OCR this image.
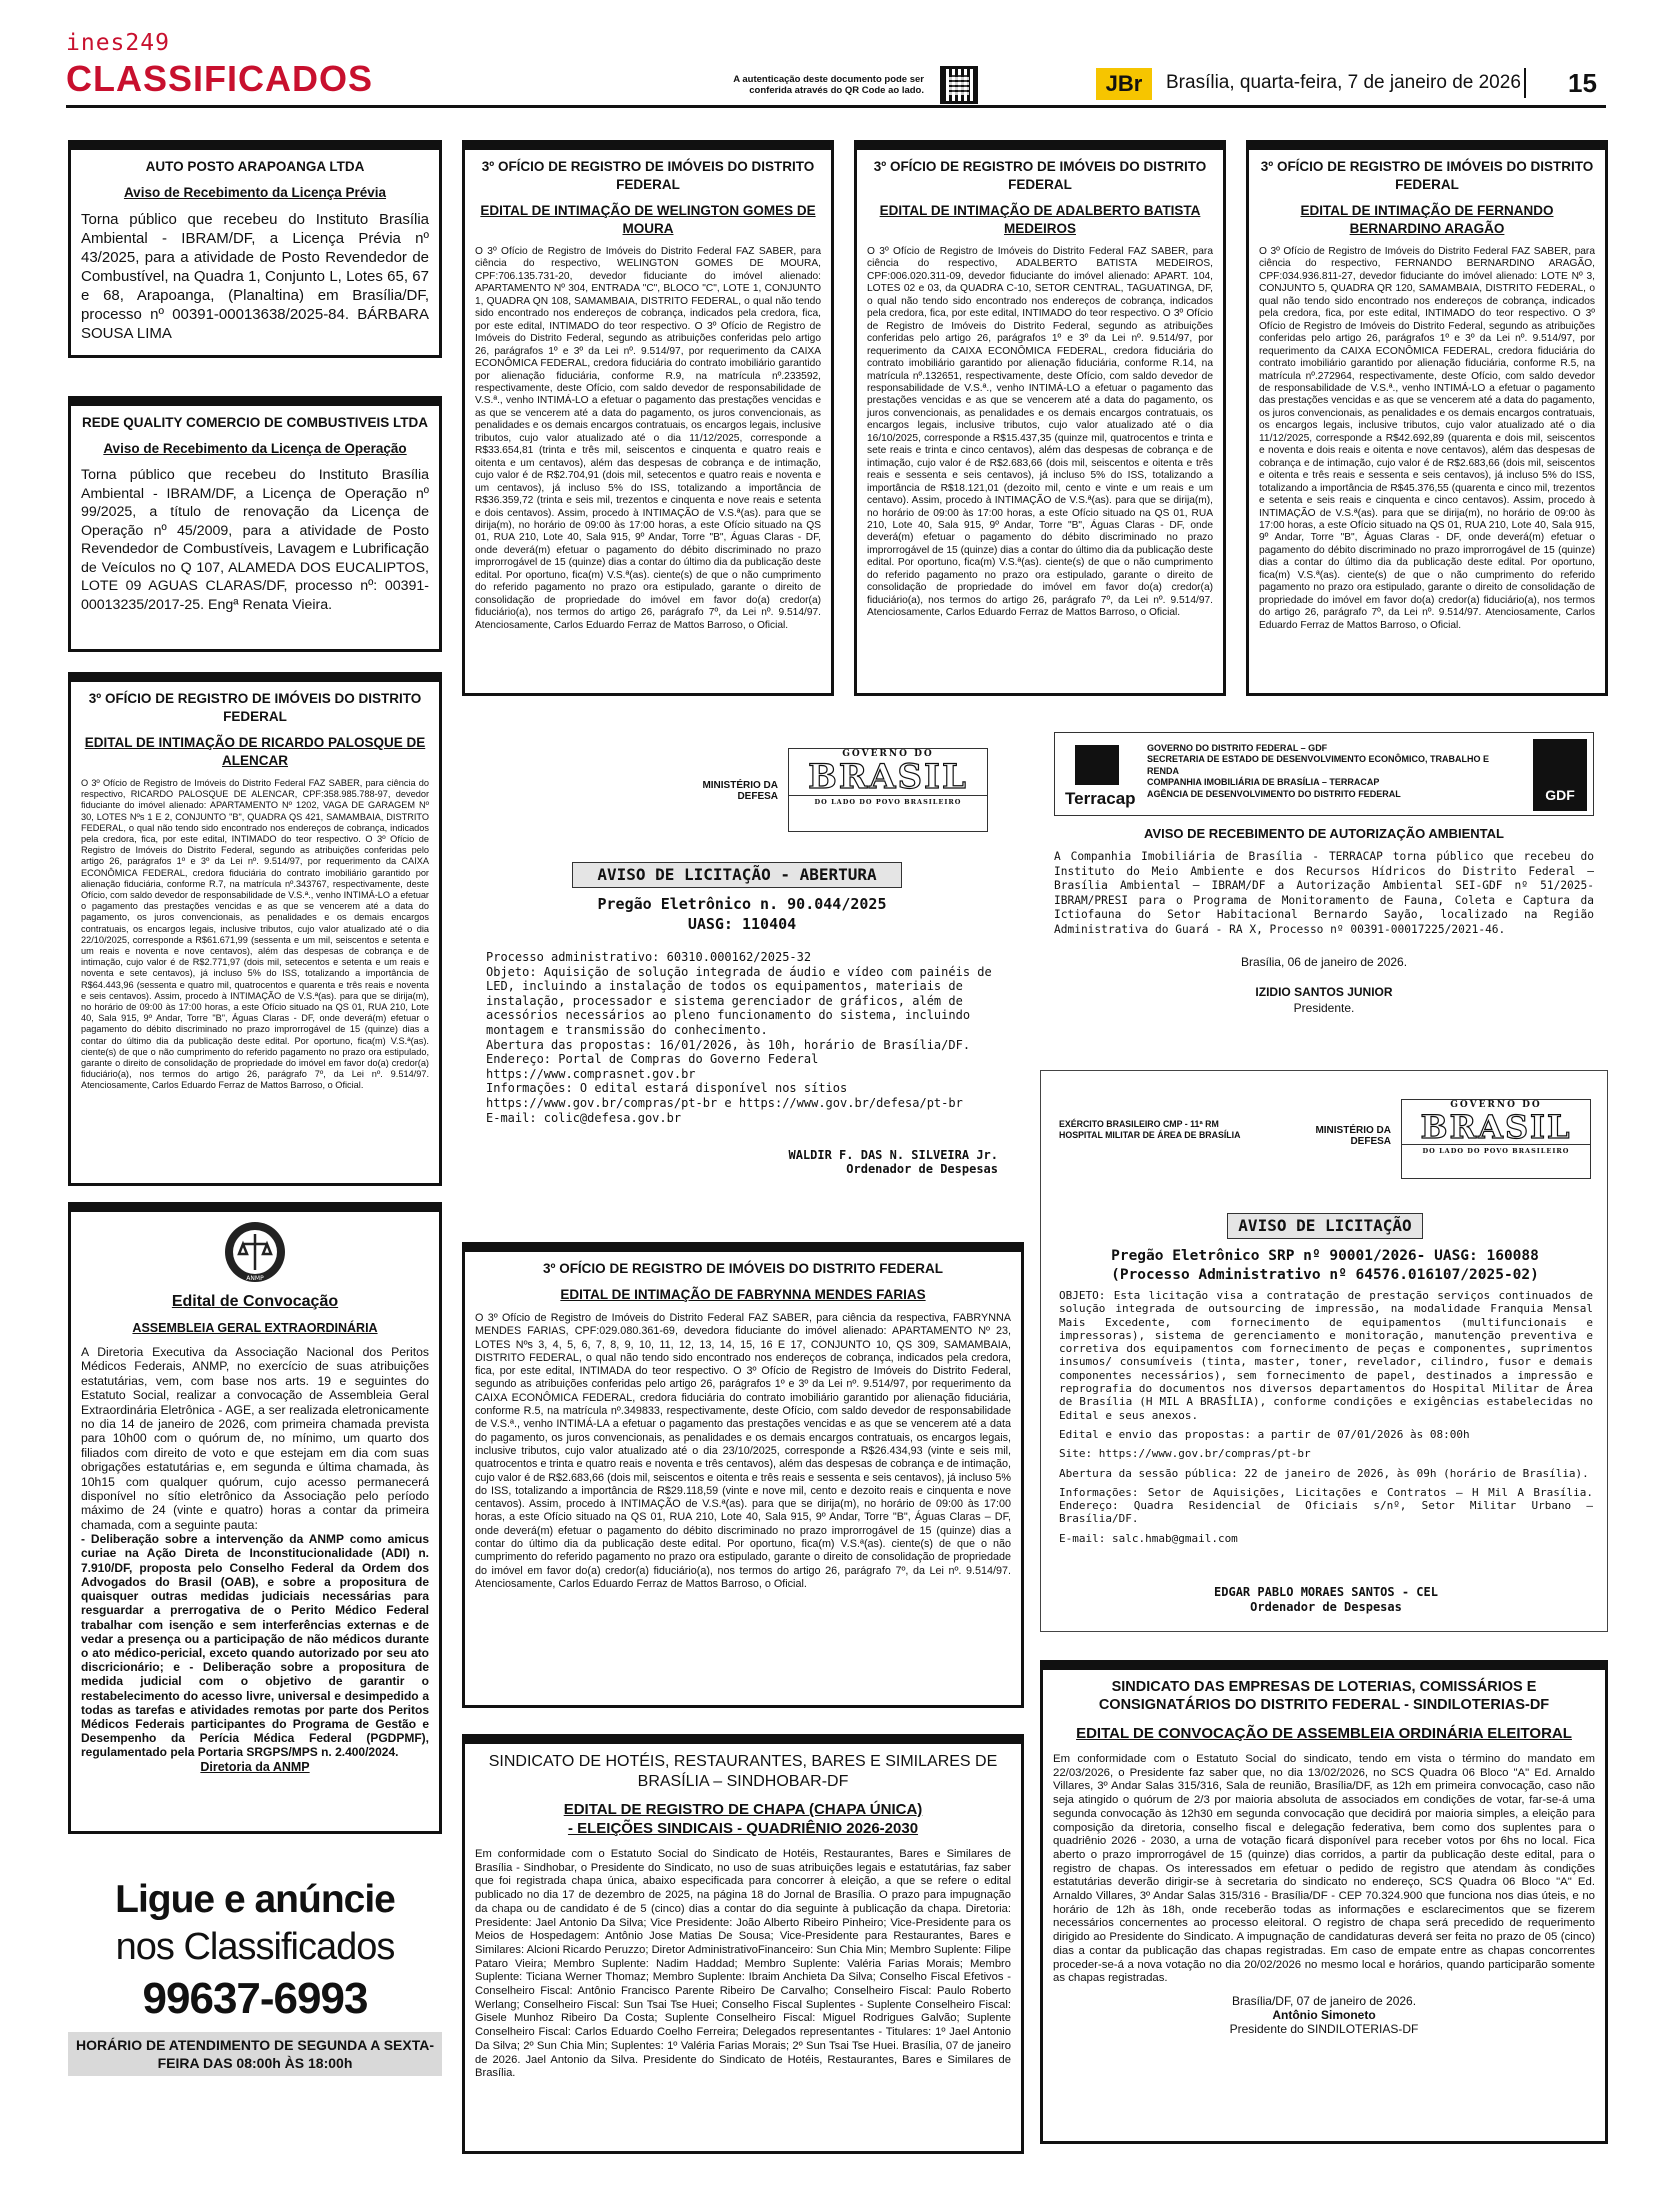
ines249
CLASSIFICADOS	A autenticação deste documento pode ser conferida através do QR Code ao lado.	JBr	Brasília, quarta-feira, 7 de janeiro de 2026 15
AUTO POSTO ARAPOANGA LTDA
Aviso de Recebimento da Licença Prévia
Torna público que recebeu do Instituto Brasília Ambiental - IBRAM/DF, a Licença Prévia nº 43/2025, para a atividade de Posto Revendedor de Combustível, na Quadra 1, Conjunto L, Lotes 65, 67 e 68, Arapoanga, (Planaltina) em Brasília/DF, processo nº 00391-00013638/2025-84. BÁRBARA SOUSA LIMA
REDE QUALITY COMERCIO DE COMBUSTIVEIS LTDA
Aviso de Recebimento da Licença de Operação
Torna público que recebeu do Instituto Brasília Ambiental - IBRAM/DF, a Licença de Operação nº 99/2025, a título de renovação da Licença de Operação nº 45/2009, para a atividade de Posto Revendedor de Combustíveis, Lavagem e Lubrificação de Veículos no Q 107, ALAMEDA DOS EUCALIPTOS, LOTE 09 AGUAS CLARAS/DF, processo nº: 00391-00013235/2017-25. Engª Renata Vieira.
3º OFÍCIO DE REGISTRO DE IMÓVEIS DO DISTRITO FEDERAL
EDITAL DE INTIMAÇÃO DE RICARDO PALOSQUE DE ALENCAR
O 3º Ofício de Registro de Imóveis do Distrito Federal FAZ SABER, para ciência do respectivo, RICARDO PALOSQUE DE ALENCAR, CPF:358.985.788-97, devedor fiduciante do imóvel alienado: APARTAMENTO Nº 1202, VAGA DE GARAGEM Nº 30, LOTES Nºs 1 E 2, CONJUNTO "B", QUADRA QS 421, SAMAMBAIA, DISTRITO FEDERAL, o qual não tendo sido encontrado nos endereços de cobrança, indicados pela credora, fica, por este edital, INTIMADO do teor respectivo. O 3º Ofício de Registro de Imóveis do Distrito Federal, segundo as atribuições conferidas pelo artigo 26, parágrafos 1º e 3º da Lei nº. 9.514/97, por requerimento da CAIXA ECONÔMICA FEDERAL, credora fiduciária do contrato imobiliário garantido por alienação fiduciária, conforme R.7, na matrícula nº.343767, respectivamente, deste Ofício, com saldo devedor de responsabilidade de V.S.ª., venho INTIMÁ-LO a efetuar o pagamento das prestações vencidas e as que se vencerem até a data do pagamento, os juros convencionais, as penalidades e os demais encargos contratuais, os encargos legais, inclusive tributos, cujo valor atualizado até o dia 22/10/2025, corresponde a R$61.671,99 (sessenta e um mil, seiscentos e setenta e um reais e noventa e nove centavos), além das despesas de cobrança e de intimação, cujo valor é de R$2.771,97 (dois mil, setecentos e setenta e um reais e noventa e sete centavos), já incluso 5% do ISS, totalizando a importância de R$64.443,96 (sessenta e quatro mil, quatrocentos e quarenta e três reais e noventa e seis centavos). Assim, procedo à INTIMAÇÃO de V.S.ª(as). para que se dirija(m), no horário de 09:00 às 17:00 horas, a este Ofício situado na QS 01, RUA 210, Lote 40, Sala 915, 9º Andar, Torre "B", Águas Claras - DF, onde deverá(m) efetuar o pagamento do débito discriminado no prazo improrrogável de 15 (quinze) dias a contar do último dia da publicação deste edital. Por oportuno, fica(m) V.S.ª(as). ciente(s) de que o não cumprimento do referido pagamento no prazo ora estipulado, garante o direito de consolidação de propriedade do imóvel em favor do(a) credor(a) fiduciário(a), nos termos do artigo 26, parágrafo 7º, da Lei nº. 9.514/97. Atenciosamente, Carlos Eduardo Ferraz de Mattos Barroso, o Oficial.
ANMP
Edital de Convocação
ASSEMBLEIA GERAL EXTRAORDINÁRIA
A Diretoria Executiva da Associação Nacional dos Peritos Médicos Federais, ANMP, no exercício de suas atribuições estatutárias, vem, com base nos arts. 19 e seguintes do Estatuto Social, realizar a convocação de Assembleia Geral Extraordinária Eletrônica - AGE, a ser realizada eletronicamente no dia 14 de janeiro de 2026, com primeira chamada prevista para 10h00 com o quórum de, no mínimo, um quarto dos filiados com direito de voto e que estejam em dia com suas obrigações estatutárias e, em segunda e última chamada, às 10h15 com qualquer quórum, cujo acesso permanecerá disponível no sítio eletrônico da Associação pelo período máximo de 24 (vinte e quatro) horas a contar da primeira chamada, com a seguinte pauta:
- Deliberação sobre a intervenção da ANMP como amicus curiae na Ação Direta de Inconstitucionalidade (ADI) n. 7.910/DF, proposta pelo Conselho Federal da Ordem dos Advogados do Brasil (OAB), e sobre a propositura de quaisquer outras medidas judiciais necessárias para resguardar a prerrogativa de o Perito Médico Federal trabalhar com isenção e sem interferências externas e de vedar a presença ou a participação de não médicos durante o ato médico-pericial, exceto quando autorizado por seu ato discricionário; e - Deliberação sobre a propositura de medida judicial com o objetivo de garantir o restabelecimento do acesso livre, universal e desimpedido a todas as tarefas e atividades remotas por parte dos Peritos Médicos Federais participantes do Programa de Gestão e Desempenho da Perícia Médica Federal (PGDPMF), regulamentado pela Portaria SRGPS/MPS n. 2.400/2024.
Diretoria da ANMP
Ligue e anúncie
nos Classificados
99637-6993
HORÁRIO DE ATENDIMENTO DE SEGUNDA A SEXTA-FEIRA DAS 08:00h ÀS 18:00h
3º OFÍCIO DE REGISTRO DE IMÓVEIS DO DISTRITO FEDERAL
EDITAL DE INTIMAÇÃO DE WELINGTON GOMES DE MOURA
O 3º Ofício de Registro de Imóveis do Distrito Federal FAZ SABER, para ciência do respectivo, WELINGTON GOMES DE MOURA, CPF:706.135.731-20, devedor fiduciante do imóvel alienado: APARTAMENTO Nº 304, ENTRADA "C", BLOCO "C", LOTE 1, CONJUNTO 1, QUADRA QN 108, SAMAMBAIA, DISTRITO FEDERAL, o qual não tendo sido encontrado nos endereços de cobrança, indicados pela credora, fica, por este edital, INTIMADO do teor respectivo. O 3º Ofício de Registro de Imóveis do Distrito Federal, segundo as atribuições conferidas pelo artigo 26, parágrafos 1º e 3º da Lei nº. 9.514/97, por requerimento da CAIXA ECONÔMICA FEDERAL, credora fiduciária do contrato imobiliário garantido por alienação fiduciária, conforme R.9, na matrícula nº.233592, respectivamente, deste Ofício, com saldo devedor de responsabilidade de V.S.ª., venho INTIMÁ-LO a efetuar o pagamento das prestações vencidas e as que se vencerem até a data do pagamento, os juros convencionais, as penalidades e os demais encargos contratuais, os encargos legais, inclusive tributos, cujo valor atualizado até o dia 11/12/2025, corresponde a R$33.654,81 (trinta e três mil, seiscentos e cinquenta e quatro reais e oitenta e um centavos), além das despesas de cobrança e de intimação, cujo valor é de R$2.704,91 (dois mil, setecentos e quatro reais e noventa e um centavos), já incluso 5% do ISS, totalizando a importância de R$36.359,72 (trinta e seis mil, trezentos e cinquenta e nove reais e setenta e dois centavos). Assim, procedo à INTIMAÇÃO de V.S.ª(as). para que se dirija(m), no horário de 09:00 às 17:00 horas, a este Ofício situado na QS 01, RUA 210, Lote 40, Sala 915, 9º Andar, Torre "B", Águas Claras - DF, onde deverá(m) efetuar o pagamento do débito discriminado no prazo improrrogável de 15 (quinze) dias a contar do último dia da publicação deste edital. Por oportuno, fica(m) V.S.ª(as). ciente(s) de que o não cumprimento do referido pagamento no prazo ora estipulado, garante o direito de consolidação de propriedade do imóvel em favor do(a) credor(a) fiduciário(a), nos termos do artigo 26, parágrafo 7º, da Lei nº. 9.514/97. Atenciosamente, Carlos Eduardo Ferraz de Mattos Barroso, o Oficial.
3º OFÍCIO DE REGISTRO DE IMÓVEIS DO DISTRITO FEDERAL
EDITAL DE INTIMAÇÃO DE ADALBERTO BATISTA MEDEIROS
O 3º Ofício de Registro de Imóveis do Distrito Federal FAZ SABER, para ciência do respectivo, ADALBERTO BATISTA MEDEIROS, CPF:006.020.311-09, devedor fiduciante do imóvel alienado: APART. 104, LOTES 02 e 03, da QUADRA C-10, SETOR CENTRAL, TAGUATINGA, DF, o qual não tendo sido encontrado nos endereços de cobrança, indicados pela credora, fica, por este edital, INTIMADO do teor respectivo. O 3º Ofício de Registro de Imóveis do Distrito Federal, segundo as atribuições conferidas pelo artigo 26, parágrafos 1º e 3º da Lei nº. 9.514/97, por requerimento da CAIXA ECONÔMICA FEDERAL, credora fiduciária do contrato imobiliário garantido por alienação fiduciária, conforme R.14, na matrícula nº.132651, respectivamente, deste Ofício, com saldo devedor de responsabilidade de V.S.ª., venho INTIMÁ-LO a efetuar o pagamento das prestações vencidas e as que se vencerem até a data do pagamento, os juros convencionais, as penalidades e os demais encargos contratuais, os encargos legais, inclusive tributos, cujo valor atualizado até o dia 16/10/2025, corresponde a R$15.437,35 (quinze mil, quatrocentos e trinta e sete reais e trinta e cinco centavos), além das despesas de cobrança e de intimação, cujo valor é de R$2.683,66 (dois mil, seiscentos e oitenta e três reais e sessenta e seis centavos), já incluso 5% do ISS, totalizando a importância de R$18.121,01 (dezoito mil, cento e vinte e um reais e um centavo). Assim, procedo à INTIMAÇÃO de V.S.ª(as). para que se dirija(m), no horário de 09:00 às 17:00 horas, a este Ofício situado na QS 01, RUA 210, Lote 40, Sala 915, 9º Andar, Torre "B", Águas Claras - DF, onde deverá(m) efetuar o pagamento do débito discriminado no prazo improrrogável de 15 (quinze) dias a contar do último dia da publicação deste edital. Por oportuno, fica(m) V.S.ª(as). ciente(s) de que o não cumprimento do referido pagamento no prazo ora estipulado, garante o direito de consolidação de propriedade do imóvel em favor do(a) credor(a) fiduciário(a), nos termos do artigo 26, parágrafo 7º, da Lei nº. 9.514/97. Atenciosamente, Carlos Eduardo Ferraz de Mattos Barroso, o Oficial.
3º OFÍCIO DE REGISTRO DE IMÓVEIS DO DISTRITO FEDERAL
EDITAL DE INTIMAÇÃO DE FERNANDO BERNARDINO ARAGÃO
O 3º Ofício de Registro de Imóveis do Distrito Federal FAZ SABER, para ciência do respectivo, FERNANDO BERNARDINO ARAGÃO, CPF:034.936.811-27, devedor fiduciante do imóvel alienado: LOTE Nº 3, CONJUNTO 5, QUADRA QR 120, SAMAMBAIA, DISTRITO FEDERAL, o qual não tendo sido encontrado nos endereços de cobrança, indicados pela credora, fica, por este edital, INTIMADO do teor respectivo. O 3º Ofício de Registro de Imóveis do Distrito Federal, segundo as atribuições conferidas pelo artigo 26, parágrafos 1º e 3º da Lei nº. 9.514/97, por requerimento da CAIXA ECONÔMICA FEDERAL, credora fiduciária do contrato imobiliário garantido por alienação fiduciária, conforme R.5, na matrícula nº.272964, respectivamente, deste Ofício, com saldo devedor de responsabilidade de V.S.ª., venho INTIMÁ-LO a efetuar o pagamento das prestações vencidas e as que se vencerem até a data do pagamento, os juros convencionais, as penalidades e os demais encargos contratuais, os encargos legais, inclusive tributos, cujo valor atualizado até o dia 11/12/2025, corresponde a R$42.692,89 (quarenta e dois mil, seiscentos e noventa e dois reais e oitenta e nove centavos), além das despesas de cobrança e de intimação, cujo valor é de R$2.683,66 (dois mil, seiscentos e oitenta e três reais e sessenta e seis centavos), já incluso 5% do ISS, totalizando a importância de R$45.376,55 (quarenta e cinco mil, trezentos e setenta e seis reais e cinquenta e cinco centavos). Assim, procedo à INTIMAÇÃO de V.S.ª(as). para que se dirija(m), no horário de 09:00 às 17:00 horas, a este Ofício situado na QS 01, RUA 210, Lote 40, Sala 915, 9º Andar, Torre "B", Águas Claras - DF, onde deverá(m) efetuar o pagamento do débito discriminado no prazo improrrogável de 15 (quinze) dias a contar do último dia da publicação deste edital. Por oportuno, fica(m) V.S.ª(as). ciente(s) de que o não cumprimento do referido pagamento no prazo ora estipulado, garante o direito de consolidação de propriedade do imóvel em favor do(a) credor(a) fiduciário(a), nos termos do artigo 26, parágrafo 7º, da Lei nº. 9.514/97. Atenciosamente, Carlos Eduardo Ferraz de Mattos Barroso, o Oficial.
MINISTÉRIO DA DEFESA
GOVERNO DO
BRASIL
DO LADO DO POVO BRASILEIRO
AVISO DE LICITAÇÃO - ABERTURA
Pregão Eletrônico n. 90.044/2025
UASG: 110404
Processo administrativo: 60310.000162/2025-32
Objeto: Aquisição de solução integrada de áudio e vídeo com painéis de LED, incluindo a instalação de todos os equipamentos, materiais de instalação, processador e sistema gerenciador de gráficos, além de acessórios necessários ao pleno funcionamento do sistema, incluindo montagem e transmissão do conhecimento.
Abertura das propostas: 16/01/2026, às 10h, horário de Brasília/DF.
Endereço: Portal de Compras do Governo Federal https://www.comprasnet.gov.br
Informações: O edital estará disponível nos sítios https://www.gov.br/compras/pt-br e https://www.gov.br/defesa/pt-br
E-mail: colic@defesa.gov.br
WALDIR F. DAS N. SILVEIRA Jr.
Ordenador de Despesas
Terracap
GOVERNO DO DISTRITO FEDERAL – GDF
SECRETARIA DE ESTADO DE DESENVOLVIMENTO ECONÔMICO, TRABALHO E RENDA
COMPANHIA IMOBILIÁRIA DE BRASÍLIA – TERRACAP
AGÊNCIA DE DESENVOLVIMENTO DO DISTRITO FEDERAL	GDF
AVISO DE RECEBIMENTO DE AUTORIZAÇÃO AMBIENTAL
A Companhia Imobiliária de Brasília - TERRACAP torna público que recebeu do Instituto do Meio Ambiente e dos Recursos Hídricos do Distrito Federal – Brasília Ambiental – IBRAM/DF a Autorização Ambiental SEI-GDF nº 51/2025-IBRAM/PRESI para o Programa de Monitoramento de Fauna, Coleta e Captura da Ictiofauna do Setor Habitacional Bernardo Sayão, localizado na Região Administrativa do Guará - RA X, Processo nº 00391-00017225/2021-46.
Brasília, 06 de janeiro de 2026.
IZIDIO SANTOS JUNIOR
Presidente.
EXÉRCITO BRASILEIRO CMP - 11ª RM HOSPITAL MILITAR DE ÁREA DE BRASÍLIA	MINISTÉRIO DA DEFESA
GOVERNO DO
BRASIL
DO LADO DO POVO BRASILEIRO
AVISO DE LICITAÇÃO
Pregão Eletrônico SRP nº 90001/2026- UASG: 160088
(Processo Administrativo nº 64576.016107/2025-02)
OBJETO: Esta licitação visa a contratação de prestação serviços continuados de solução integrada de outsourcing de impressão, na modalidade Franquia Mensal Mais Excedente, com fornecimento de equipamentos (multifuncionais e impressoras), sistema de gerenciamento e monitoração, manutenção preventiva e corretiva dos equipamentos com fornecimento de peças e componentes, suprimentos insumos/ consumíveis (tinta, master, toner, revelador, cilindro, fusor e demais componentes necessários), sem fornecimento de papel, destinados a impressão e reprografia do documentos nos diversos departamentos do Hospital Militar de Área de Brasília (H MIL A BRASÍLIA), conforme condições e exigências estabelecidas no Edital e seus anexos.
Edital e envio das propostas: a partir de 07/01/2026 às 08:00h
Site: https://www.gov.br/compras/pt-br
Abertura da sessão pública: 22 de janeiro de 2026, às 09h (horário de Brasília).
Informações: Setor de Aquisições, Licitações e Contratos – H Mil A Brasília. Endereço: Quadra Residencial de Oficiais s/nº, Setor Militar Urbano – Brasília/DF.
E-mail: salc.hmab@gmail.com
EDGAR PABLO MORAES SANTOS - CEL
Ordenador de Despesas
3º OFÍCIO DE REGISTRO DE IMÓVEIS DO DISTRITO FEDERAL
EDITAL DE INTIMAÇÃO DE FABRYNNA MENDES FARIAS
O 3º Ofício de Registro de Imóveis do Distrito Federal FAZ SABER, para ciência da respectiva, FABRYNNA MENDES FARIAS, CPF:029.080.361-69, devedora fiduciante do imóvel alienado: APARTAMENTO Nº 23, LOTES Nºs 3, 4, 5, 6, 7, 8, 9, 10, 11, 12, 13, 14, 15, 16 E 17, CONJUNTO 10, QS 309, SAMAMBAIA, DISTRITO FEDERAL, o qual não tendo sido encontrado nos endereços de cobrança, indicados pela credora, fica, por este edital, INTIMADA do teor respectivo. O 3º Ofício de Registro de Imóveis do Distrito Federal, segundo as atribuições conferidas pelo artigo 26, parágrafos 1º e 3º da Lei nº. 9.514/97, por requerimento da CAIXA ECONÔMICA FEDERAL, credora fiduciária do contrato imobiliário garantido por alienação fiduciária, conforme R.5, na matrícula nº.349833, respectivamente, deste Ofício, com saldo devedor de responsabilidade de V.S.ª., venho INTIMÁ-LA a efetuar o pagamento das prestações vencidas e as que se vencerem até a data do pagamento, os juros convencionais, as penalidades e os demais encargos contratuais, os encargos legais, inclusive tributos, cujo valor atualizado até o dia 23/10/2025, corresponde a R$26.434,93 (vinte e seis mil, quatrocentos e trinta e quatro reais e noventa e três centavos), além das despesas de cobrança e de intimação, cujo valor é de R$2.683,66 (dois mil, seiscentos e oitenta e três reais e sessenta e seis centavos), já incluso 5% do ISS, totalizando a importância de R$29.118,59 (vinte e nove mil, cento e dezoito reais e cinquenta e nove centavos). Assim, procedo à INTIMAÇÃO de V.S.ª(as). para que se dirija(m), no horário de 09:00 às 17:00 horas, a este Ofício situado na QS 01, RUA 210, Lote 40, Sala 915, 9º Andar, Torre "B", Águas Claras – DF, onde deverá(m) efetuar o pagamento do débito discriminado no prazo improrrogável de 15 (quinze) dias a contar do último dia da publicação deste edital. Por oportuno, fica(m) V.S.ª(as). ciente(s) de que o não cumprimento do referido pagamento no prazo ora estipulado, garante o direito de consolidação de propriedade do imóvel em favor do(a) credor(a) fiduciário(a), nos termos do artigo 26, parágrafo 7º, da Lei nº. 9.514/97. Atenciosamente, Carlos Eduardo Ferraz de Mattos Barroso, o Oficial.
SINDICATO DE HOTÉIS, RESTAURANTES, BARES E SIMILARES DE BRASÍLIA – SINDHOBAR-DF
EDITAL DE REGISTRO DE CHAPA (CHAPA ÚNICA)
- ELEIÇÕES SINDICAIS - QUADRIÊNIO 2026-2030
Em conformidade com o Estatuto Social do Sindicato de Hotéis, Restaurantes, Bares e Similares de Brasília - Sindhobar, o Presidente do Sindicato, no uso de suas atribuições legais e estatutárias, faz saber que foi registrada chapa única, abaixo especificada para concorrer à eleição, a que se refere o edital publicado no dia 17 de dezembro de 2025, na página 18 do Jornal de Brasília. O prazo para impugnação da chapa ou de candidato é de 5 (cinco) dias a contar do dia seguinte à publicação da chapa. Diretoria: Presidente: Jael Antonio Da Silva; Vice Presidente: João Alberto Ribeiro Pinheiro; Vice-Presidente para os Meios de Hospedagem: Antônio Jose Matias De Sousa; Vice-Presidente para Restaurantes, Bares e Similares: Alcioni Ricardo Peruzzo; Diretor AdministrativoFinanceiro: Sun Chia Min; Membro Suplente: Filipe Pataro Vieira; Membro Suplente: Nadim Haddad; Membro Suplente: Valéria Farias Morais; Membro Suplente: Ticiana Werner Thomaz; Membro Suplente: Ibraim Anchieta Da Silva; Conselho Fiscal Efetivos - Conselheiro Fiscal: Antônio Francisco Parente Ribeiro De Carvalho; Conselheiro Fiscal: Paulo Roberto Werlang; Conselheiro Fiscal: Sun Tsai Tse Huei; Conselho Fiscal Suplentes - Suplente Conselheiro Fiscal: Gisele Munhoz Ribeiro Da Costa; Suplente Conselheiro Fiscal: Miguel Rodrigues Galvão; Suplente Conselheiro Fiscal: Carlos Eduardo Coelho Ferreira; Delegados representantes - Titulares: 1º Jael Antonio Da Silva; 2º Sun Chia Min; Suplentes: 1º Valéria Farias Morais; 2º Sun Tsai Tse Huei. Brasília, 07 de janeiro de 2026. Jael Antonio da Silva. Presidente do Sindicato de Hotéis, Restaurantes, Bares e Similares de Brasília.
SINDICATO DAS EMPRESAS DE LOTERIAS, COMISSÁRIOS E CONSIGNATÁRIOS DO DISTRITO FEDERAL - SINDILOTERIAS-DF
EDITAL DE CONVOCAÇÃO DE ASSEMBLEIA ORDINÁRIA ELEITORAL
Em conformidade com o Estatuto Social do sindicato, tendo em vista o término do mandato em 22/03/2026, o Presidente faz saber que, no dia 13/02/2026, no SCS Quadra 06 Bloco "A" Ed. Arnaldo Villares, 3º Andar Salas 315/316, Sala de reunião, Brasília/DF, as 12h em primeira convocação, caso não seja atingido o quórum de 2/3 por maioria absoluta de associados em condições de votar, far-se-á uma segunda convocação às 12h30 em segunda convocação que decidirá por maioria simples, a eleição para composição da diretoria, conselho fiscal e delegação federativa, bem como dos suplentes para o quadriênio 2026 - 2030, a urna de votação ficará disponível para receber votos por 6hs no local. Fica aberto o prazo improrrogável de 15 (quinze) dias corridos, a partir da publicação deste edital, para o registro de chapas. Os interessados em efetuar o pedido de registro que atendam às condições estatutárias deverão dirigir-se à secretaria do sindicato no endereço, SCS Quadra 06 Bloco "A" Ed. Arnaldo Villares, 3º Andar Salas 315/316 - Brasília/DF - CEP 70.324.900 que funciona nos dias úteis, e no horário de 12h às 18h, onde receberão todas as informações e esclarecimentos que se fizerem necessários concernentes ao processo eleitoral. O registro de chapa será precedido de requerimento dirigido ao Presidente do Sindicato. A impugnação de candidaturas deverá ser feita no prazo de 05 (cinco) dias a contar da publicação das chapas registradas. Em caso de empate entre as chapas concorrentes proceder-se-á a nova votação no dia 20/02/2026 no mesmo local e horários, quando participarão somente as chapas registradas.
Brasília/DF, 07 de janeiro de 2026.
Antônio Simoneto
Presidente do SINDILOTERIAS-DF
